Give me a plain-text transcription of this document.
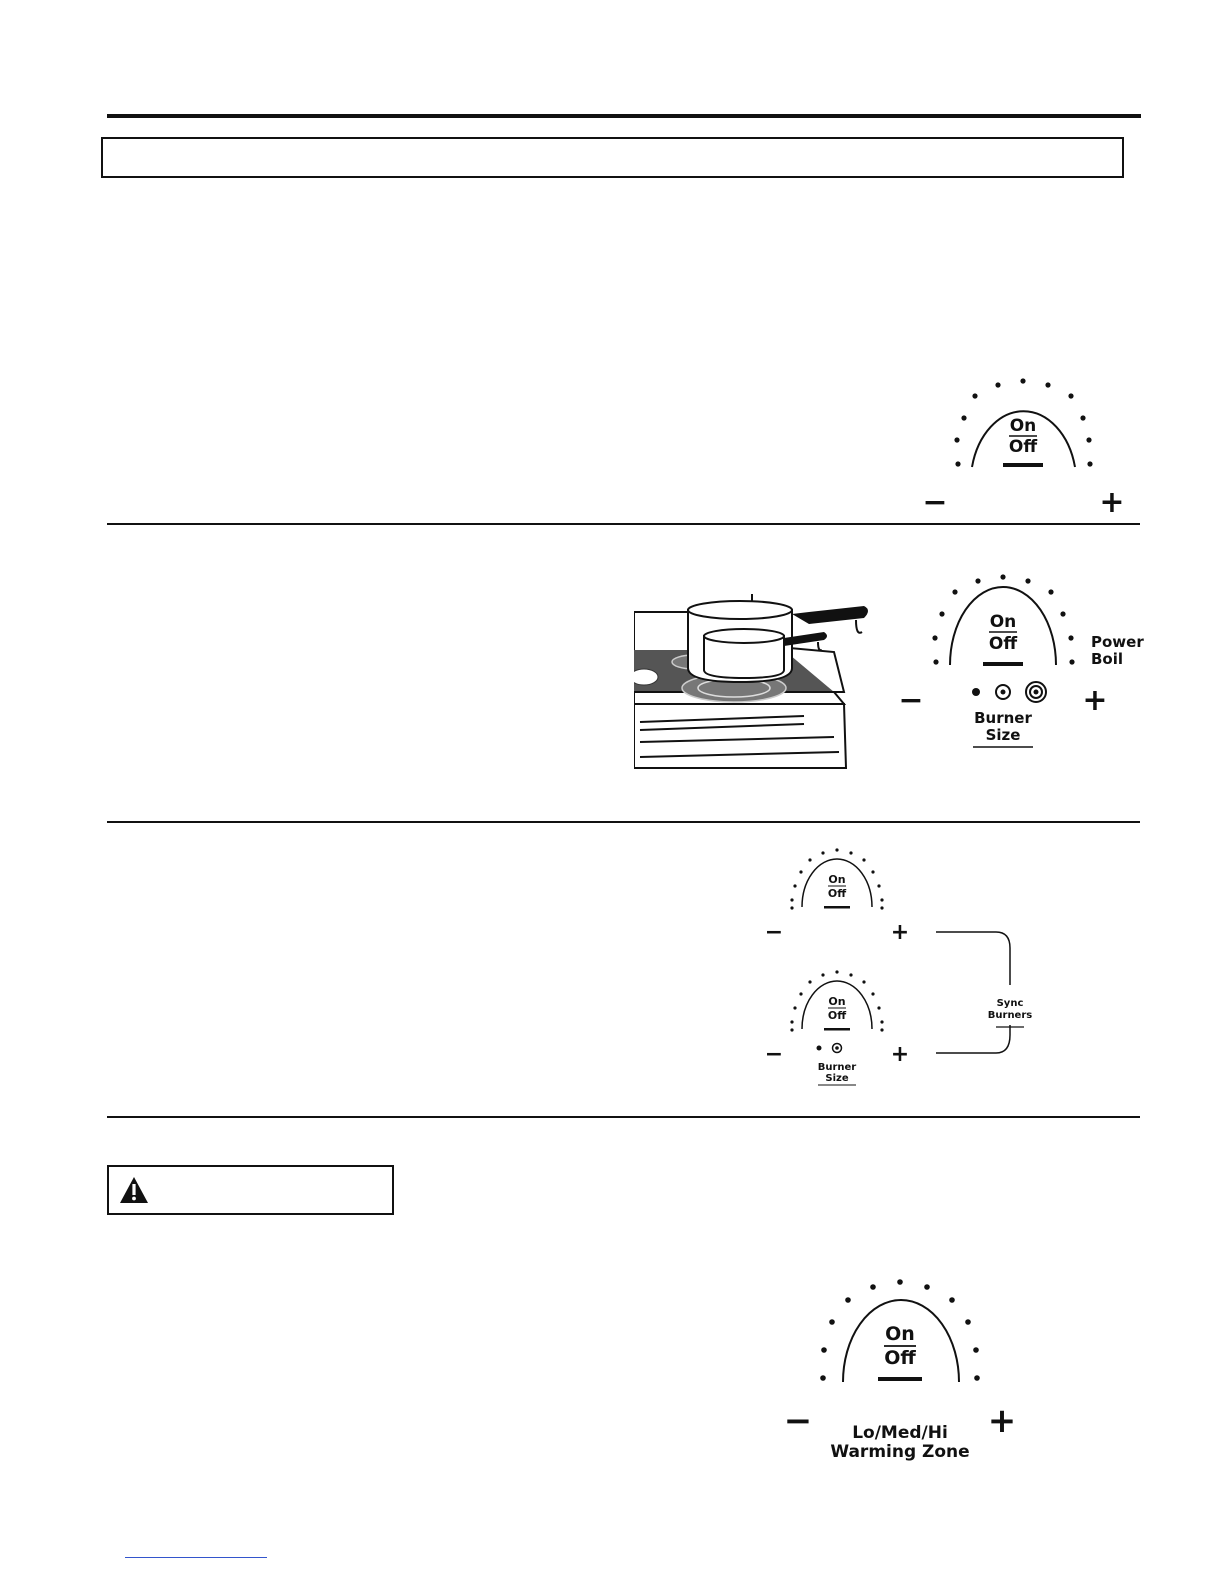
On
Off
−	+
On
Off	Power
Boil
−	+
Burner
Size
On
Off
−	+
On
Off
−	+
Burner
Size
Sync
Burners
On
Off
−	+
Lo/Med/Hi
Warming Zone
